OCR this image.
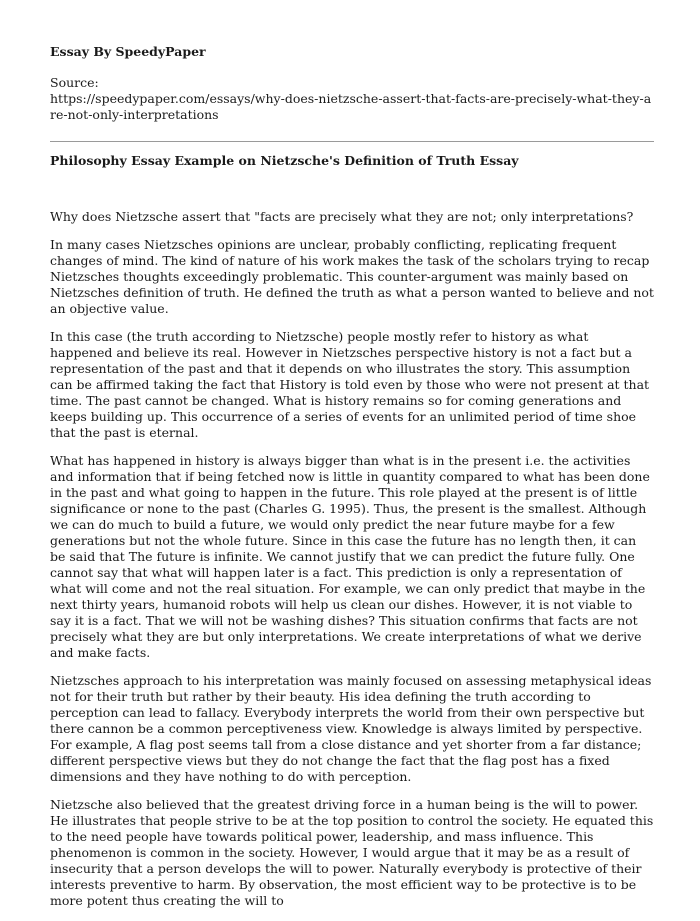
Essay By SpeedyPaper
Source:
https://speedypaper.com/essays/why-does-nietzsche-assert-that-facts-are-precisely-what-they-are-not-only-interpretations
Philosophy Essay Example on Nietzsche's Definition of Truth Essay

Why does Nietzsche assert that "facts are precisely what they are not; only interpretations?

In many cases Nietzsches opinions are unclear, probably conflicting, replicating frequent changes of mind. The kind of nature of his work makes the task of the scholars trying to recap Nietzsches thoughts exceedingly problematic. This counter-argument was mainly based on Nietzsches definition of truth. He defined the truth as what a person wanted to believe and not an objective value.

In this case (the truth according to Nietzsche) people mostly refer to history as what happened and believe its real. However in Nietzsches perspective history is not a fact but a representation of the past and that it depends on who illustrates the story. This assumption can be affirmed taking the fact that History is told even by those who were not present at that time. The past cannot be changed. What is history remains so for coming generations and keeps building up. This occurrence of a series of events for an unlimited period of time shoe that the past is eternal.

What has happened in history is always bigger than what is in the present i.e. the activities and information that if being fetched now is little in quantity compared to what has been done in the past and what going to happen in the future. This role played at the present is of little significance or none to the past (Charles G. 1995). Thus, the present is the smallest. Although we can do much to build a future, we would only predict the near future maybe for a few generations but not the whole future. Since in this case the future has no length then, it can be said that The future is infinite. We cannot justify that we can predict the future fully. One cannot say that what will happen later is a fact. This prediction is only a representation of what will come and not the real situation. For example, we can only predict that maybe in the next thirty years, humanoid robots will help us clean our dishes. However, it is not viable to say it is a fact. That we will not be washing dishes? This situation confirms that facts are not precisely what they are but only interpretations. We create interpretations of what we derive and make facts.

Nietzsches approach to his interpretation was mainly focused on assessing metaphysical ideas not for their truth but rather by their beauty. His idea defining the truth according to perception can lead to fallacy. Everybody interprets the world from their own perspective but there cannon be a common perceptiveness view. Knowledge is always limited by perspective. For example, A flag post seems tall from a close distance and yet shorter from a far distance; different perspective views but they do not change the fact that the flag post has a fixed dimensions and they have nothing to do with perception.

Nietzsche also believed that the greatest driving force in a human being is the will to power. He illustrates that people strive to be at the top position to control the society. He equated this to the need people have towards political power, leadership, and mass influence. This phenomenon is common in the society. However, I would argue that it may be as a result of insecurity that a person develops the will to power. Naturally everybody is protective of their interests preventive to harm. By observation, the most efficient way to be protective is to be more potent thus creating the will to
